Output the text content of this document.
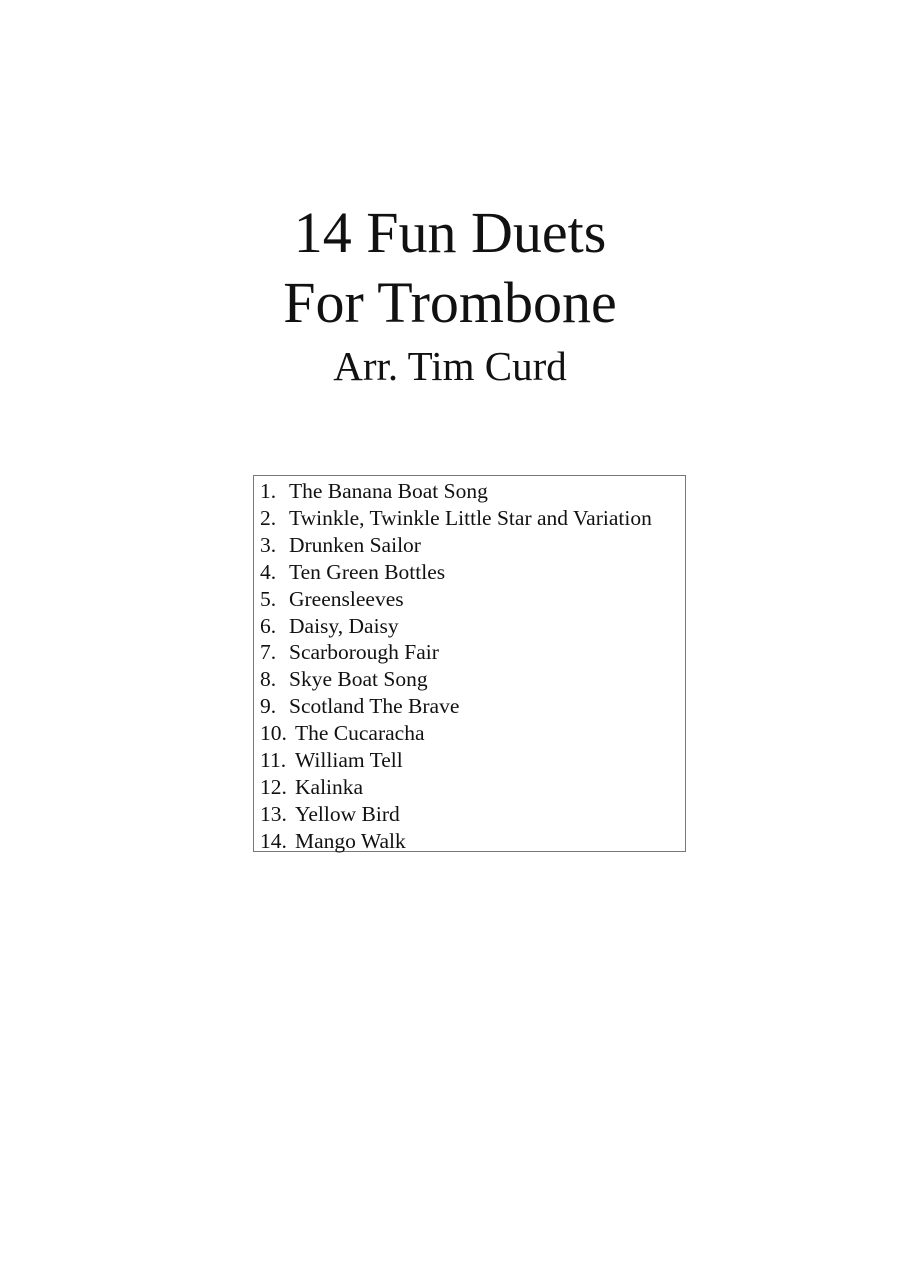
14 Fun Duets
For Trombone
Arr. Tim Curd
1. The Banana Boat Song
2. Twinkle, Twinkle Little Star and Variation
3. Drunken Sailor
4. Ten Green Bottles
5. Greensleeves
6. Daisy, Daisy
7. Scarborough Fair
8. Skye Boat Song
9. Scotland The Brave
10. The Cucaracha
11. William Tell
12. Kalinka
13. Yellow Bird
14. Mango Walk
